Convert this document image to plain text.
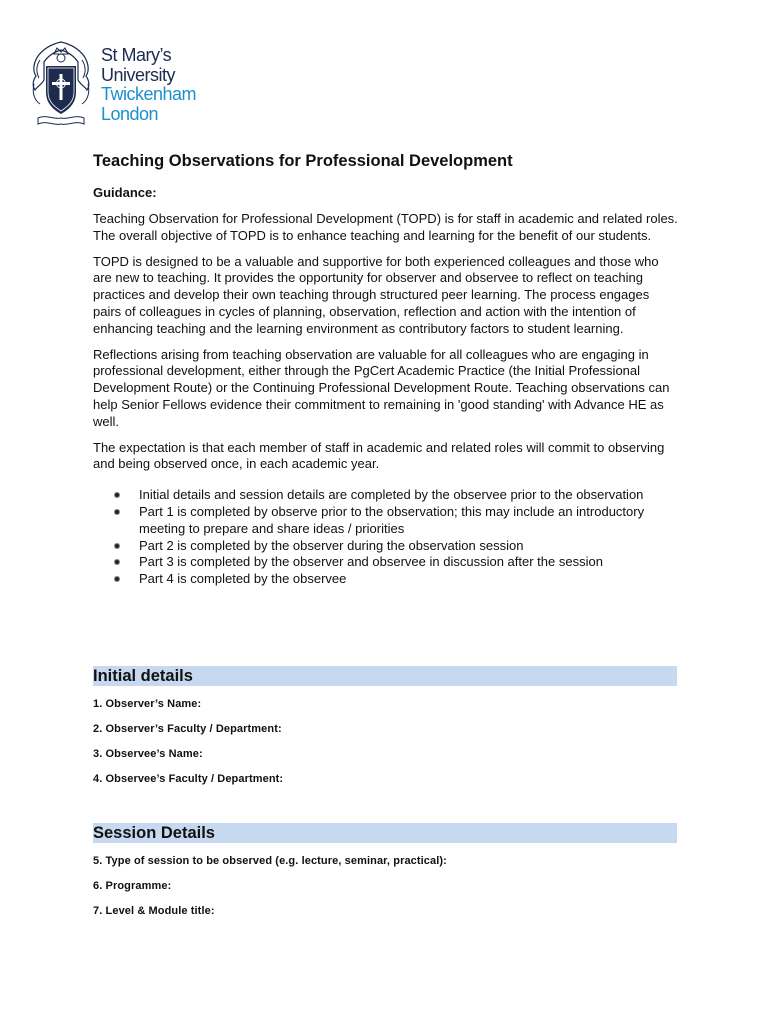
St Mary’s
University
Twickenham
London
Teaching Observations for Professional Development
Guidance:

Teaching Observation for Professional Development (TOPD) is for staff in academic and related roles. The overall objective of TOPD is to enhance teaching and learning for the benefit of our students.

TOPD is designed to be a valuable and supportive for both experienced colleagues and those who are new to teaching. It provides the opportunity for observer and observee to reflect on teaching practices and develop their own teaching through structured peer learning. The process engages pairs of colleagues in cycles of planning, observation, reflection and action with the intention of enhancing teaching and the learning environment as contributory factors to student learning.

Reflections arising from teaching observation are valuable for all colleagues who are engaging in professional development, either through the PgCert Academic Practice (the Initial Professional Development Route) or the Continuing Professional Development Route. Teaching observations can help Senior Fellows evidence their commitment to remaining in 'good standing' with Advance HE as well.

The expectation is that each member of staff in academic and related roles will commit to observing and being observed once, in each academic year.

Initial details and session details are completed by the observee prior to the observation
Part 1 is completed by observe prior to the observation; this may include an introductory meeting to prepare and share ideas / priorities
Part 2 is completed by the observer during the observation session
Part 3 is completed by the observer and observee in discussion after the session
Part 4 is completed by the observee
Initial details
1. Observer’s Name:
2. Observer’s Faculty / Department:
3. Observee’s Name:
4. Observee’s Faculty / Department:
Session Details
5. Type of session to be observed (e.g. lecture, seminar, practical):
6. Programme:
7. Level & Module title:
